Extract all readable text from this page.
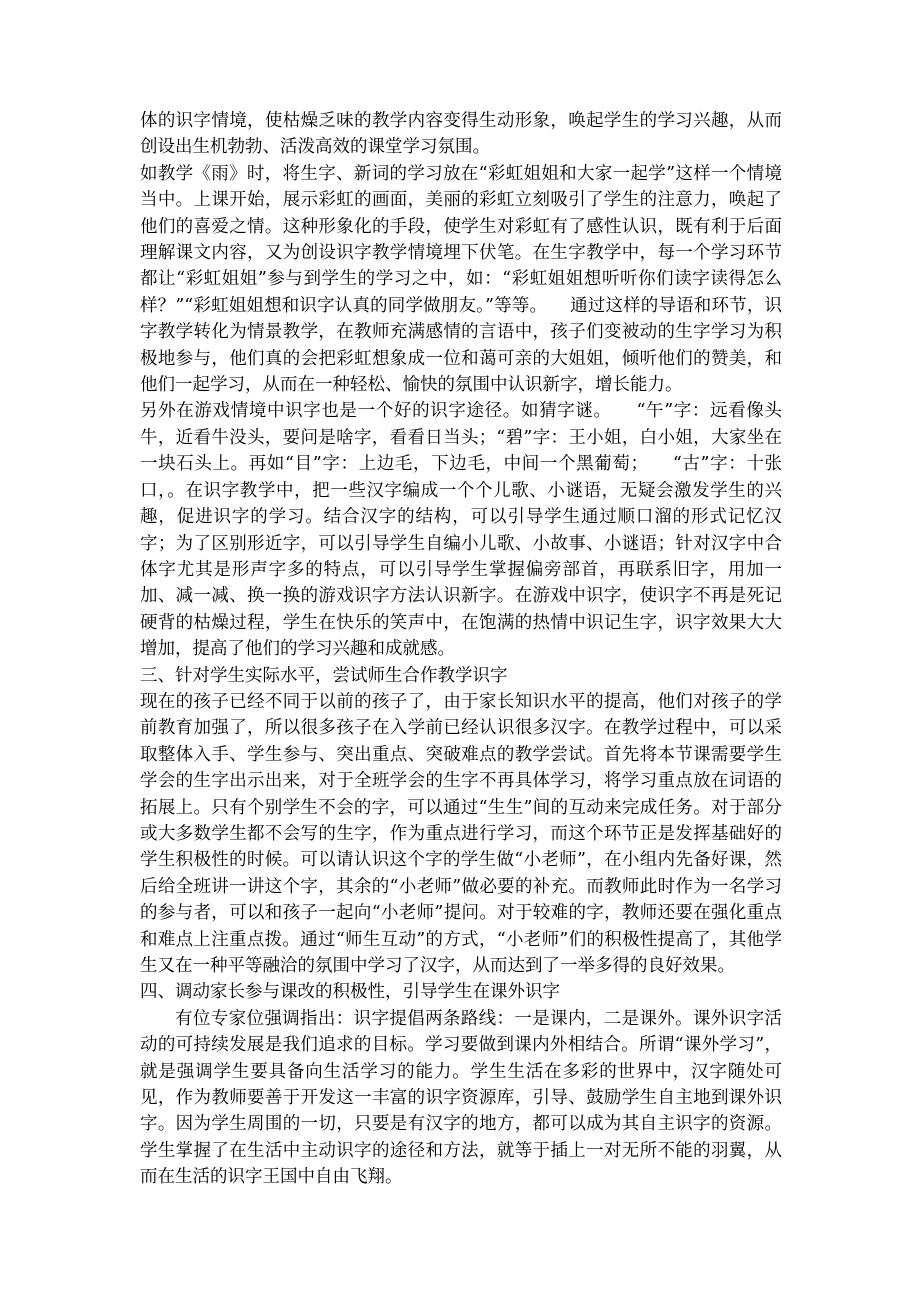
体的识字情境，使枯燥乏味的教学内容变得生动形象，唤起学生的学习兴趣，从而创设出生机勃勃、活泼高效的课堂学习氛围。

如教学《雨》时，将生字、新词的学习放在“彩虹姐姐和大家一起学”这样一个情境当中。上课开始，展示彩虹的画面，美丽的彩虹立刻吸引了学生的注意力，唤起了他们的喜爱之情。这种形象化的手段，使学生对彩虹有了感性认识，既有利于后面理解课文内容，又为创设识字教学情境埋下伏笔。在生字教学中，每一个学习环节都让“彩虹姐姐”参与到学生的学习之中，如：“彩虹姐姐想听听你们读字读得怎么样？”“彩虹姐姐想和识字认真的同学做朋友。”等等。    通过这样的导语和环节，识字教学转化为情景教学，在教师充满感情的言语中，孩子们变被动的生字学习为积极地参与，他们真的会把彩虹想象成一位和蔼可亲的大姐姐，倾听他们的赞美，和他们一起学习，从而在一种轻松、愉快的氛围中认识新字，增长能力。

另外在游戏情境中识字也是一个好的识字途径。如猜字谜。    “午”字：远看像头牛，近看牛没头，要问是啥字，看看日当头；“碧”字：王小姐，白小姐，大家坐在一块石头上。再如“目”字：上边毛，下边毛，中间一个黑葡萄；    “古”字：十张口，。在识字教学中，把一些汉字编成一个个儿歌、小谜语，无疑会激发学生的兴趣，促进识字的学习。结合汉字的结构，可以引导学生通过顺口溜的形式记忆汉字；为了区别形近字，可以引导学生自编小儿歌、小故事、小谜语；针对汉字中合体字尤其是形声字多的特点，可以引导学生掌握偏旁部首，再联系旧字，用加一加、减一减、换一换的游戏识字方法认识新字。在游戏中识字，使识字不再是死记硬背的枯燥过程，学生在快乐的笑声中，在饱满的热情中识记生字，识字效果大大增加，提高了他们的学习兴趣和成就感。

三、针对学生实际水平，尝试师生合作教学识字

现在的孩子已经不同于以前的孩子了，由于家长知识水平的提高，他们对孩子的学前教育加强了，所以很多孩子在入学前已经认识很多汉字。在教学过程中，可以采取整体入手、学生参与、突出重点、突破难点的教学尝试。首先将本节课需要学生学会的生字出示出来，对于全班学会的生字不再具体学习，将学习重点放在词语的拓展上。只有个别学生不会的字，可以通过“生生”间的互动来完成任务。对于部分或大多数学生都不会写的生字，作为重点进行学习，而这个环节正是发挥基础好的学生积极性的时候。可以请认识这个字的学生做“小老师”，在小组内先备好课，然后给全班讲一讲这个字，其余的“小老师”做必要的补充。而教师此时作为一名学习的参与者，可以和孩子一起向“小老师”提问。对于较难的字，教师还要在强化重点和难点上注重点拨。通过“师生互动”的方式，“小老师”们的积极性提高了，其他学生又在一种平等融洽的氛围中学习了汉字，从而达到了一举多得的良好效果。

四、调动家长参与课改的积极性，引导学生在课外识字

有位专家位强调指出：识字提倡两条路线：一是课内，二是课外。课外识字活动的可持续发展是我们追求的目标。学习要做到课内外相结合。所谓“课外学习”，就是强调学生要具备向生活学习的能力。学生生活在多彩的世界中，汉字随处可见，作为教师要善于开发这一丰富的识字资源库，引导、鼓励学生自主地到课外识字。因为学生周围的一切，只要是有汉字的地方，都可以成为其自主识字的资源。学生掌握了在生活中主动识字的途径和方法，就等于插上一对无所不能的羽翼，从而在生活的识字王国中自由飞翔。
